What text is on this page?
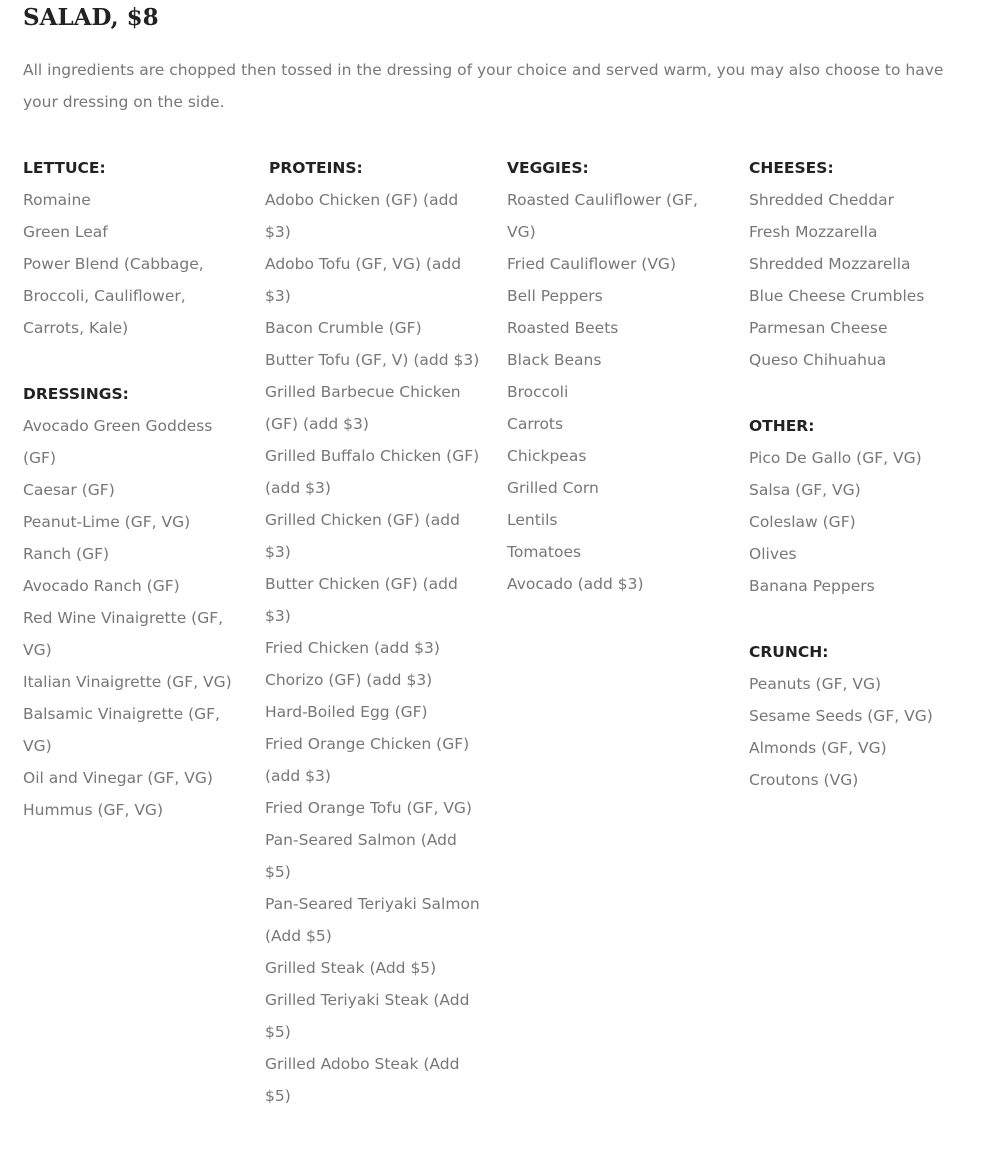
SALAD, $8

All ingredients are chopped then tossed in the dressing of your choice and served warm, you may also choose to have your dressing on the side.

LETTUCE:
Romaine
Green Leaf
Power Blend (Cabbage, Broccoli, Cauliflower, Carrots, Kale)
DRESSINGS:
Avocado Green Goddess (GF)
Caesar (GF)
Peanut-Lime (GF, VG)
Ranch (GF)
Avocado Ranch (GF)
Red Wine Vinaigrette (GF, VG)
Italian Vinaigrette (GF, VG)
Balsamic Vinaigrette (GF, VG)
Oil and Vinegar (GF, VG)
Hummus (GF, VG)
PROTEINS:
Adobo Chicken (GF) (add $3)
Adobo Tofu (GF, VG) (add $3)
Bacon Crumble (GF)
Butter Tofu (GF, V) (add $3)
Grilled Barbecue Chicken (GF) (add $3)
Grilled Buffalo Chicken (GF) (add $3)
Grilled Chicken (GF) (add $3)
Butter Chicken (GF) (add $3)
Fried Chicken (add $3)
Chorizo (GF) (add $3)
Hard-Boiled Egg (GF)
Fried Orange Chicken (GF) (add $3)
Fried Orange Tofu (GF, VG)
Pan-Seared Salmon (Add $5)
Pan-Seared Teriyaki Salmon (Add $5)
Grilled Steak (Add $5)
Grilled Teriyaki Steak (Add $5)
Grilled Adobo Steak (Add $5)
VEGGIES:
Roasted Cauliflower (GF, VG)
Fried Cauliflower (VG)
Bell Peppers
Roasted Beets
Black Beans
Broccoli
Carrots
Chickpeas
Grilled Corn
Lentils
Tomatoes
Avocado (add $3)
CHEESES:
Shredded Cheddar
Fresh Mozzarella
Shredded Mozzarella
Blue Cheese Crumbles
Parmesan Cheese
Queso Chihuahua
OTHER:
Pico De Gallo (GF, VG)
Salsa (GF, VG)
Coleslaw (GF)
Olives
Banana Peppers
CRUNCH:
Peanuts (GF, VG)
Sesame Seeds (GF, VG)
Almonds (GF, VG)
Croutons (VG)
